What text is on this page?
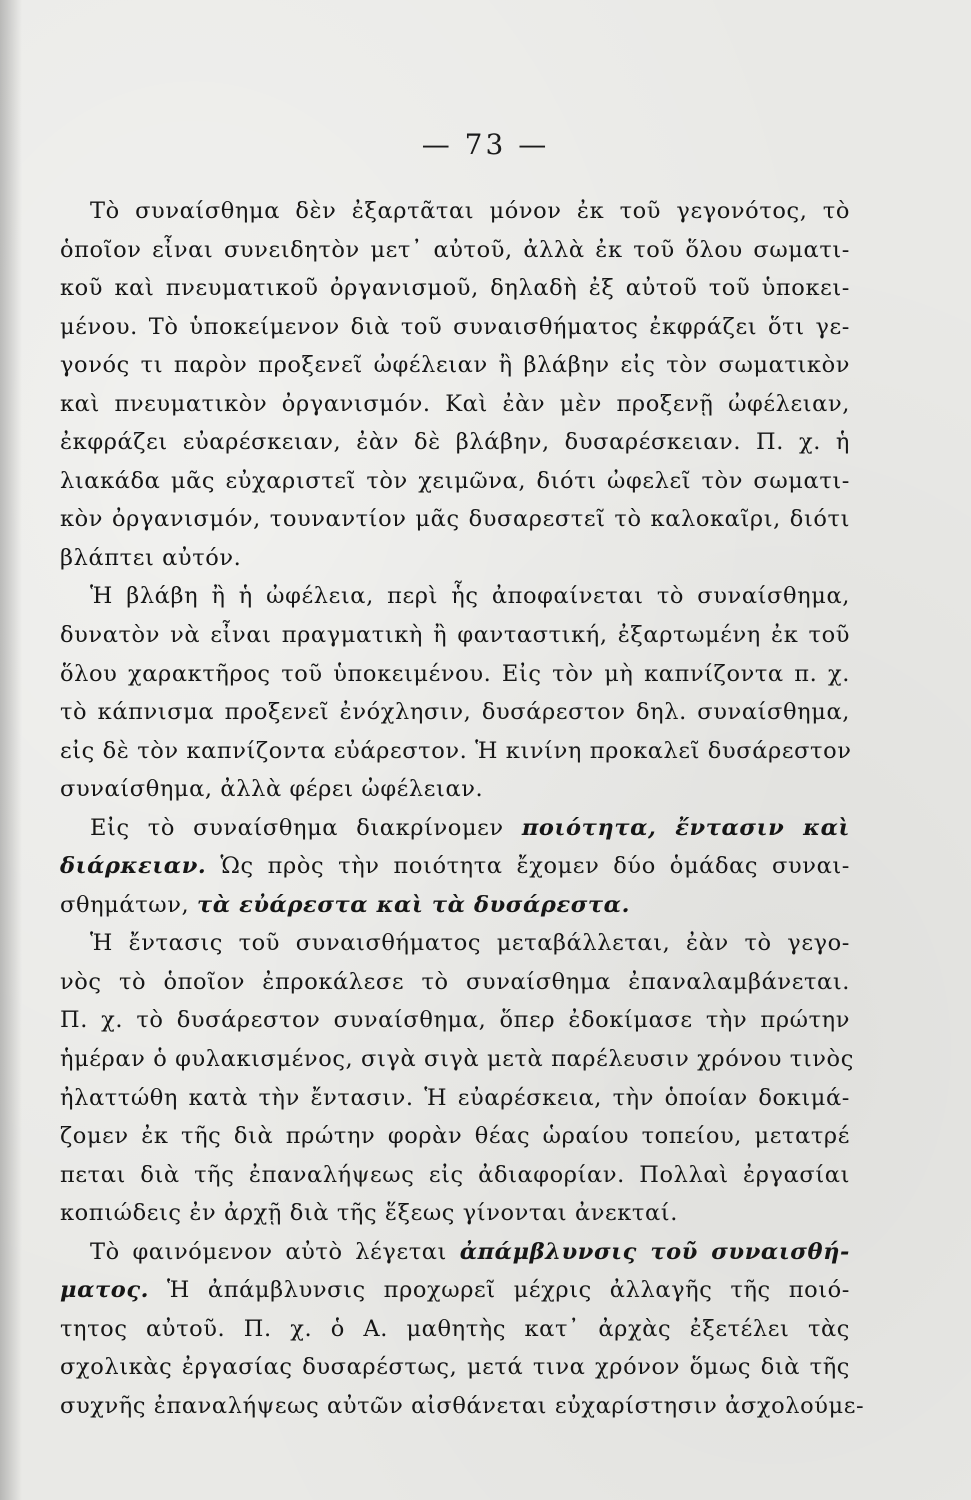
— 73 —
Τὸ συναίσθημα δὲν ἐξαρτᾶται μόνον ἐκ τοῦ γεγονότος, τὸ
ὁποῖον εἶναι συνειδητὸν μετ᾽ αὐτοῦ, ἀλλὰ ἐκ τοῦ ὅλου σωματι-
κοῦ καὶ πνευματικοῦ ὀργανισμοῦ, δηλαδὴ ἐξ αὐτοῦ τοῦ ὑποκει-
μένου. Τὸ ὑποκείμενον διὰ τοῦ συναισθήματος ἐκφράζει ὅτι γε-
γονός τι παρὸν προξενεῖ ὠφέλειαν ἢ βλάβην εἰς τὸν σωματικὸν
καὶ πνευματικὸν ὀργανισμόν. Καὶ ἐὰν μὲν προξενῇ ὠφέλειαν,
ἐκφράζει εὐαρέσκειαν, ἐὰν δὲ βλάβην, δυσαρέσκειαν. Π. χ. ἡ
λιακάδα μᾶς εὐχαριστεῖ τὸν χειμῶνα, διότι ὠφελεῖ τὸν σωματι-
κὸν ὀργανισμόν, τουναντίον μᾶς δυσαρεστεῖ τὸ καλοκαῖρι, διότι
βλάπτει αὐτόν.
Ἡ βλάβη ἢ ἡ ὠφέλεια, περὶ ἧς ἀποφαίνεται τὸ συναίσθημα,
δυνατὸν νὰ εἶναι πραγματικὴ ἢ φανταστική, ἐξαρτωμένη ἐκ τοῦ
ὅλου χαρακτῆρος τοῦ ὑποκειμένου. Εἰς τὸν μὴ καπνίζοντα π. χ.
τὸ κάπνισμα προξενεῖ ἐνόχλησιν, δυσάρεστον δηλ. συναίσθημα,
εἰς δὲ τὸν καπνίζοντα εὐάρεστον. Ἡ κινίνη προκαλεῖ δυσάρεστον
συναίσθημα, ἀλλὰ φέρει ὠφέλειαν.
Εἰς τὸ συναίσθημα διακρίνομεν ποιότητα, ἔντασιν καὶ
διάρκειαν. Ὡς πρὸς τὴν ποιότητα ἔχομεν δύο ὁμάδας συναι-
σθημάτων, τὰ εὐάρεστα καὶ τὰ δυσάρεστα.
Ἡ ἔντασις τοῦ συναισθήματος μεταβάλλεται, ἐὰν τὸ γεγο-
νὸς τὸ ὁποῖον ἐπροκάλεσε τὸ συναίσθημα ἐπαναλαμβάνεται.
Π. χ. τὸ δυσάρεστον συναίσθημα, ὅπερ ἐδοκίμασε τὴν πρώτην
ἡμέραν ὁ φυλακισμένος, σιγὰ σιγὰ μετὰ παρέλευσιν χρόνου τινὸς
ἠλαττώθη κατὰ τὴν ἔντασιν. Ἡ εὐαρέσκεια, τὴν ὁποίαν δοκιμά-
ζομεν ἐκ τῆς διὰ πρώτην φορὰν θέας ὡραίου τοπείου, μετατρέ
πεται διὰ τῆς ἐπαναλήψεως εἰς ἀδιαφορίαν. Πολλαὶ ἐργασίαι
κοπιώδεις ἐν ἀρχῇ διὰ τῆς ἕξεως γίνονται ἀνεκταί.
Τὸ φαινόμενον αὐτὸ λέγεται ἀπάμβλυνσις τοῦ συναισθή-
ματος. Ἡ ἀπάμβλυνσις προχωρεῖ μέχρις ἀλλαγῆς τῆς ποιό-
τητος αὐτοῦ. Π. χ. ὁ Α. μαθητὴς κατ᾽ ἀρχὰς ἐξετέλει τὰς
σχολικὰς ἐργασίας δυσαρέστως, μετά τινα χρόνον ὅμως διὰ τῆς
συχνῆς ἐπαναλήψεως αὐτῶν αἰσθάνεται εὐχαρίστησιν ἀσχολούμε-
